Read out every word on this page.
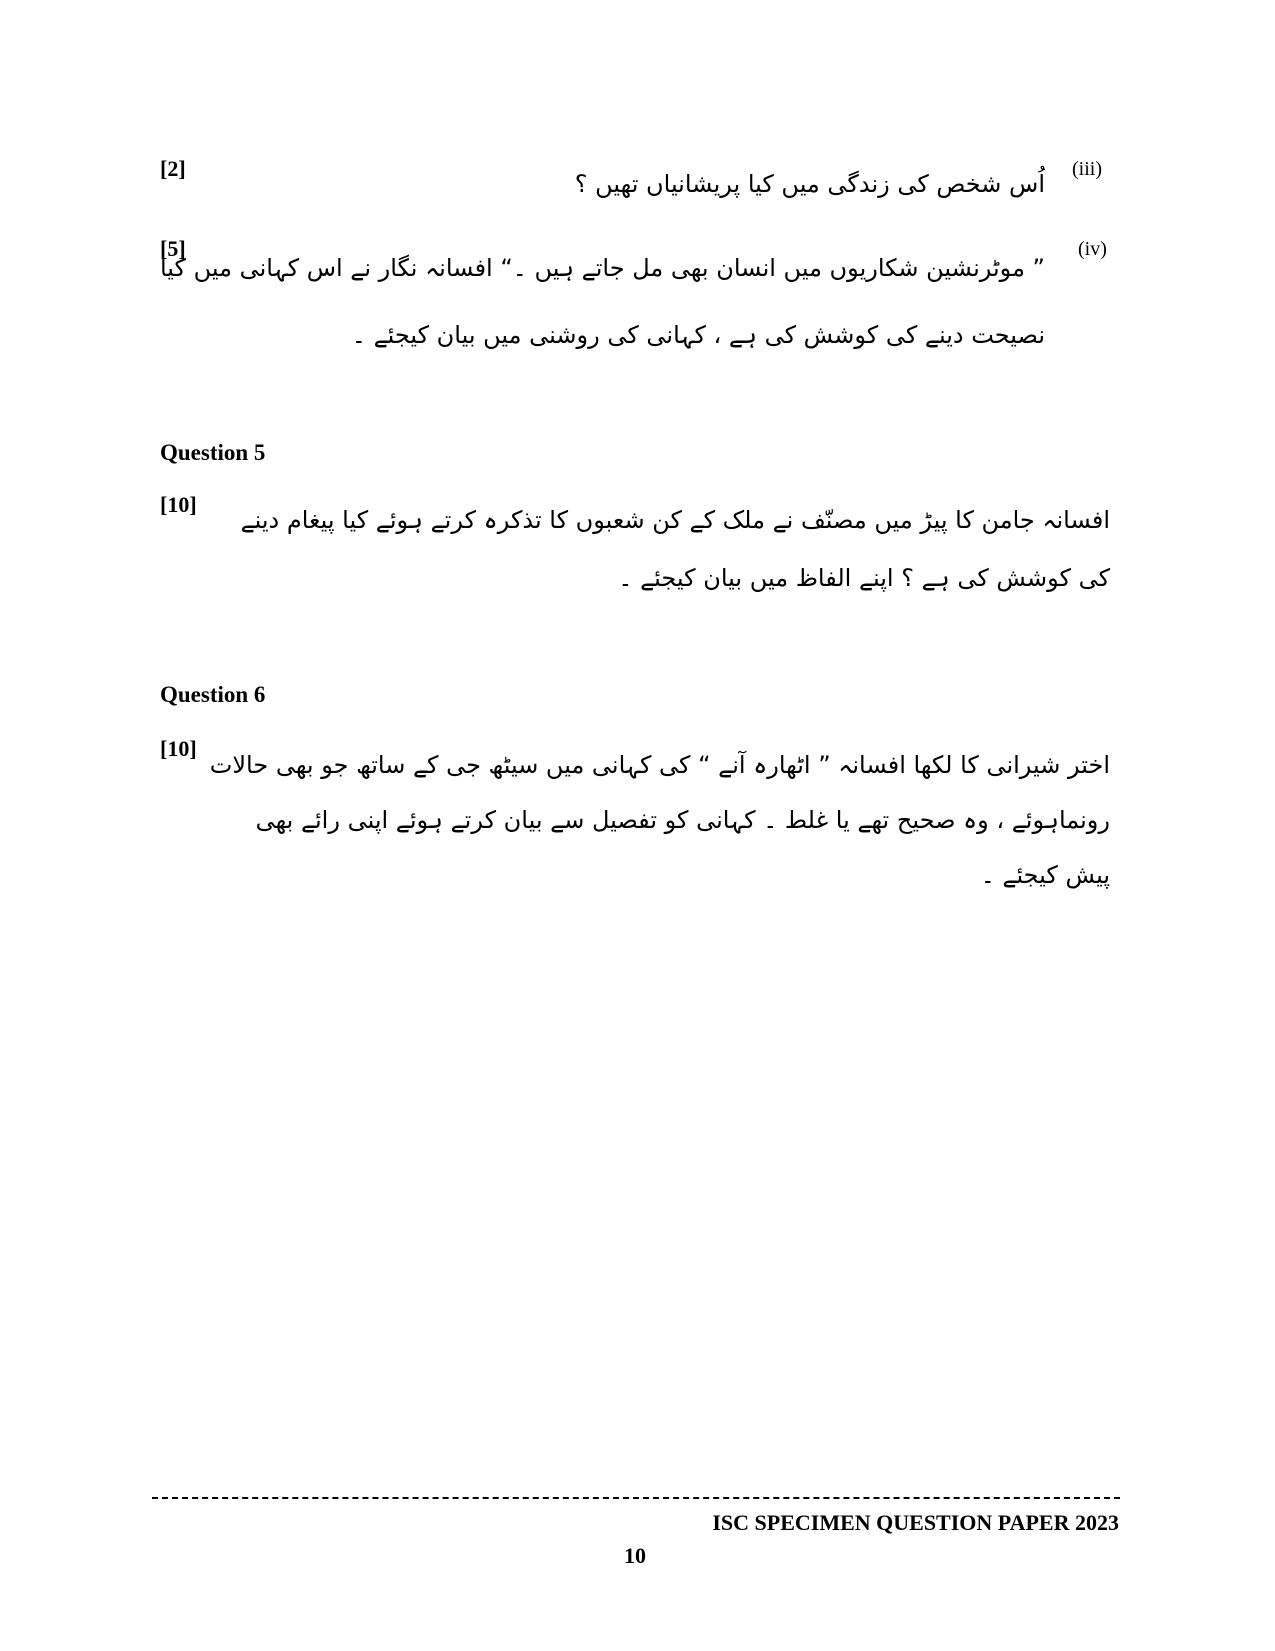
[2]	(iii)
اُس شخص کی زندگی میں کیا پریشانیاں تھیں ؟
[5]	(iv)
” موٹرنشین شکاریوں میں انسان بھی مل جاتے ہیں ۔“ افسانہ نگار نے اس کہانی میں کیا
نصیحت دینے کی کوشش کی ہے ، کہانی کی روشنی میں بیان کیجئے ۔
Question 5
[10]
افسانہ جامن کا پیڑ میں مصنّف نے ملک کے کن شعبوں کا تذکرہ کرتے ہوئے کیا پیغام دینے
کی کوشش کی ہے ؟ اپنے الفاظ میں بیان کیجئے ۔
Question 6
[10]
اختر شیرانی کا لکھا افسانہ ” اٹھارہ آنے “ کی کہانی میں سیٹھ جی کے ساتھ جو بھی حالات
رونماہوئے ، وہ صحیح تھے یا غلط ۔ کہانی کو تفصیل سے بیان کرتے ہوئے اپنی رائے بھی
پیش کیجئے ۔
ISC SPECIMEN QUESTION PAPER 2023
10
